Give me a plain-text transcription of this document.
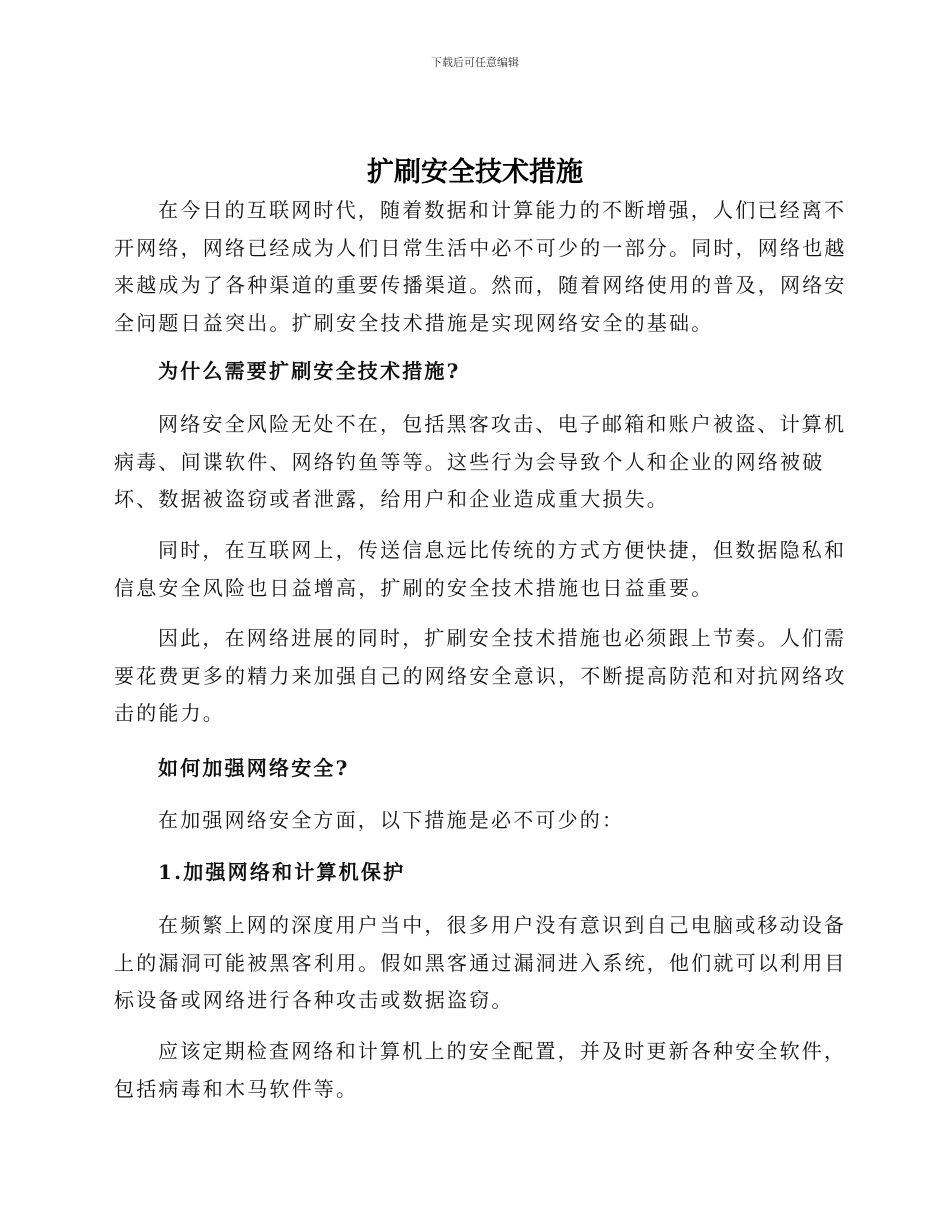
下载后可任意编辑
扩刷安全技术措施
在今日的互联网时代，随着数据和计算能力的不断增强，人们已经离不
开网络，网络已经成为人们日常生活中必不可少的一部分。同时，网络也越
来越成为了各种渠道的重要传播渠道。然而，随着网络使用的普及，网络安
全问题日益突出。扩刷安全技术措施是实现网络安全的基础。
为什么需要扩刷安全技术措施?
网络安全风险无处不在，包括黑客攻击、电子邮箱和账户被盗、计算机
病毒、间谍软件、网络钓鱼等等。这些行为会导致个人和企业的网络被破
坏、数据被盗窃或者泄露，给用户和企业造成重大损失。
同时，在互联网上，传送信息远比传统的方式方便快捷，但数据隐私和
信息安全风险也日益增高，扩刷的安全技术措施也日益重要。
因此，在网络进展的同时，扩刷安全技术措施也必须跟上节奏。人们需
要花费更多的精力来加强自己的网络安全意识，不断提高防范和对抗网络攻
击的能力。
如何加强网络安全?
在加强网络安全方面，以下措施是必不可少的：
1.加强网络和计算机保护
在频繁上网的深度用户当中，很多用户没有意识到自己电脑或移动设备
上的漏洞可能被黑客利用。假如黑客通过漏洞进入系统，他们就可以利用目
标设备或网络进行各种攻击或数据盗窃。
应该定期检查网络和计算机上的安全配置，并及时更新各种安全软件，
包括病毒和木马软件等。
